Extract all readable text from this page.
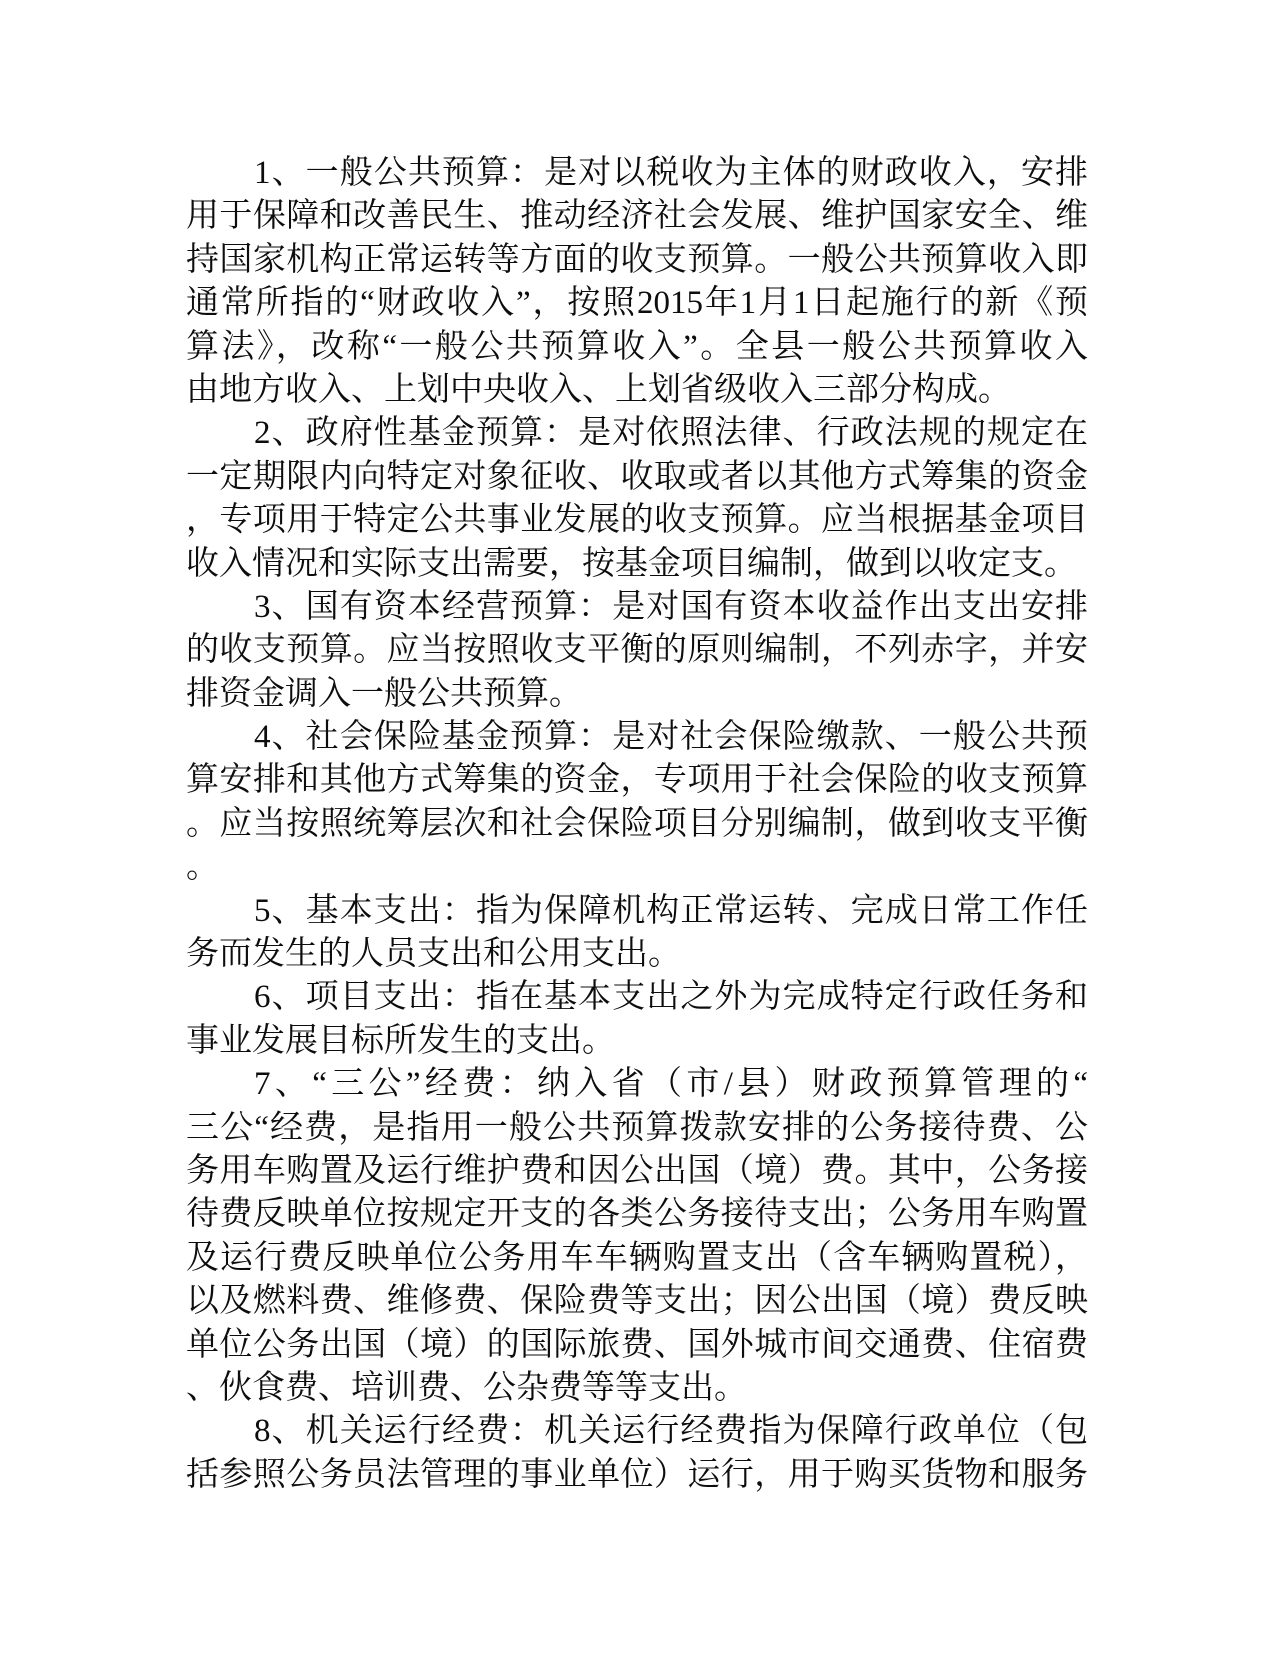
1、一般公共预算：是对以税收为主体的财政收入，安排
用于保障和改善民生、推动经济社会发展、维护国家安全、维
持国家机构正常运转等方面的收支预算。一般公共预算收入即
通常所指的“财政收入”，按照2015年1月1日起施行的新《预
算法》，改称“一般公共预算收入”。全县一般公共预算收入
由地方收入、上划中央收入、上划省级收入三部分构成。
2、政府性基金预算：是对依照法律、行政法规的规定在
一定期限内向特定对象征收、收取或者以其他方式筹集的资金
，专项用于特定公共事业发展的收支预算。应当根据基金项目
收入情况和实际支出需要，按基金项目编制，做到以收定支。
3、国有资本经营预算：是对国有资本收益作出支出安排
的收支预算。应当按照收支平衡的原则编制，不列赤字，并安
排资金调入一般公共预算。
4、社会保险基金预算：是对社会保险缴款、一般公共预
算安排和其他方式筹集的资金，专项用于社会保险的收支预算
。应当按照统筹层次和社会保险项目分别编制，做到收支平衡
。
5、基本支出：指为保障机构正常运转、完成日常工作任
务而发生的人员支出和公用支出。
6、项目支出：指在基本支出之外为完成特定行政任务和
事业发展目标所发生的支出。
7、“三公”经费：纳入省（市/县）财政预算管理的“
三公“经费，是指用一般公共预算拨款安排的公务接待费、公
务用车购置及运行维护费和因公出国（境）费。其中，公务接
待费反映单位按规定开支的各类公务接待支出；公务用车购置
及运行费反映单位公务用车车辆购置支出（含车辆购置税），
以及燃料费、维修费、保险费等支出；因公出国（境）费反映
单位公务出国（境）的国际旅费、国外城市间交通费、住宿费
、伙食费、培训费、公杂费等等支出。
8、机关运行经费：机关运行经费指为保障行政单位（包
括参照公务员法管理的事业单位）运行，用于购买货物和服务
